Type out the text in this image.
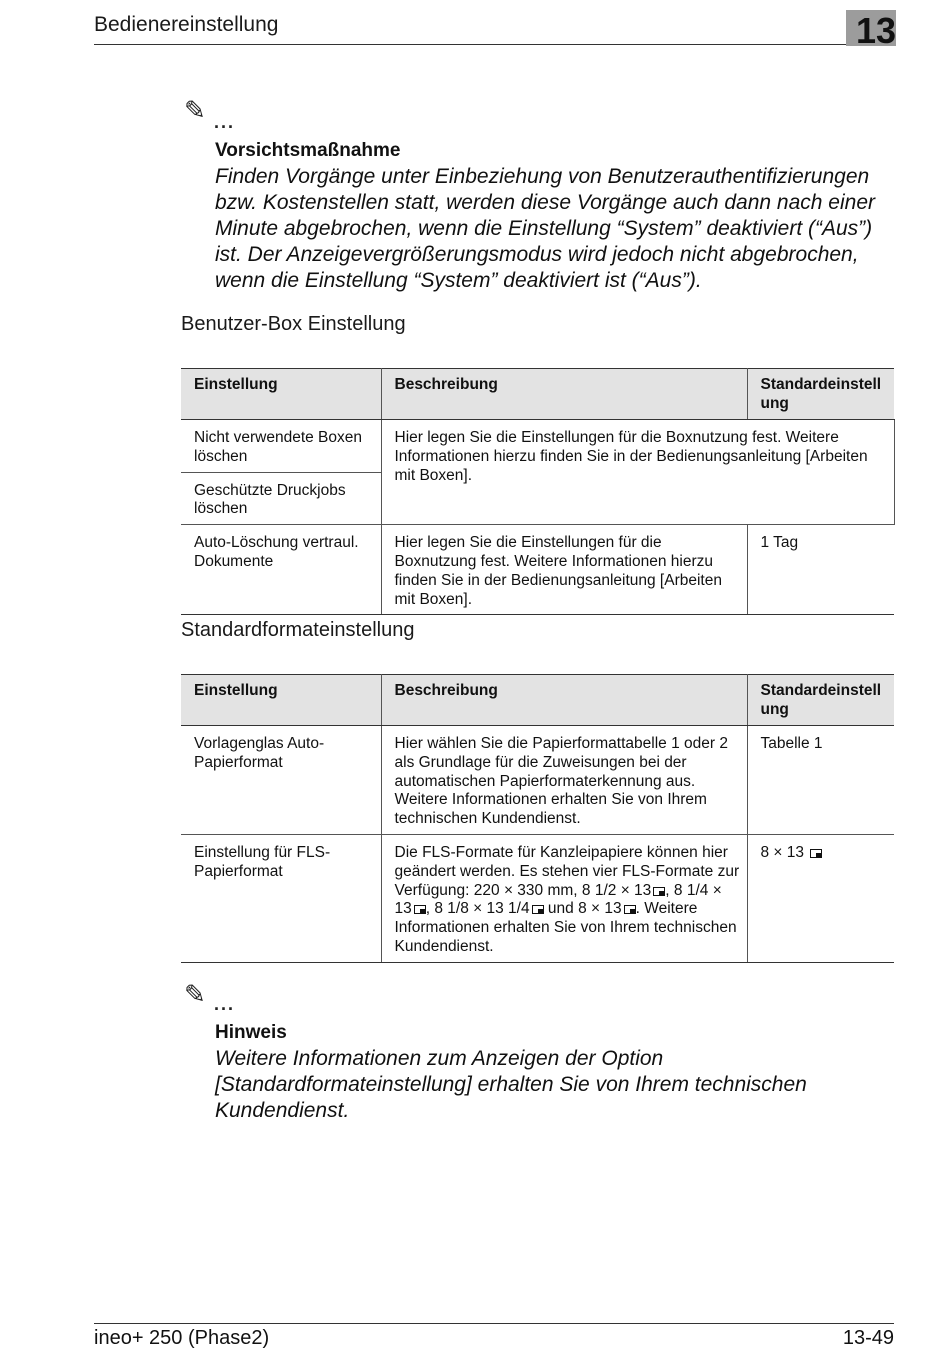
Bedienereinstellung	13
✎ ...
Vorsichtsmaßnahme
Finden Vorgänge unter Einbeziehung von Benutzerauthentifizierungen
bzw. Kostenstellen statt, werden diese Vorgänge auch dann nach einer
Minute abgebrochen, wenn die Einstellung “System” deaktiviert (“Aus”)
ist. Der Anzeigevergrößerungsmodus wird jedoch nicht abgebrochen,
wenn die Einstellung “System” deaktiviert ist (“Aus”).
Benutzer-Box Einstellung
Einstellung	Beschreibung	Standardeinstell ung
Nicht verwendete Boxen löschen	Hier legen Sie die Einstellungen für die Boxnutzung fest. Weitere Informationen hierzu finden Sie in der Bedienungsanleitung [Arbeiten mit Boxen].	
Geschützte Druckjobs löschen		
Auto-Löschung vertraul. Dokumente	Hier legen Sie die Einstellungen für die Boxnutzung fest. Weitere Informationen hierzu finden Sie in der Bedienungsanleitung [Arbeiten mit Boxen].	1 Tag
Standardformateinstellung
Einstellung	Beschreibung	Standardeinstell ung
Vorlagenglas Auto-Papierformat	Hier wählen Sie die Papierformattabelle 1 oder 2 als Grundlage für die Zuweisungen bei der automatischen Papierformaterkennung aus. Weitere Informationen erhalten Sie von Ihrem technischen Kundendienst.	Tabelle 1
Einstellung für FLS-Papierformat	Die FLS-Formate für Kanzleipapiere können hier geändert werden. Es stehen vier FLS-Formate zur Verfügung: 220 × 330 mm, 8 1/2 × 13 , 8 1/4 × 13 , 8 1/8 × 13 1/4 und 8 × 13 . Weitere Informationen erhalten Sie von Ihrem technischen Kundendienst.	8 × 13
✎ ...
Hinweis
Weitere Informationen zum Anzeigen der Option
[Standardformateinstellung] erhalten Sie von Ihrem technischen
Kundendienst.
ineo+ 250 (Phase2)	13-49
